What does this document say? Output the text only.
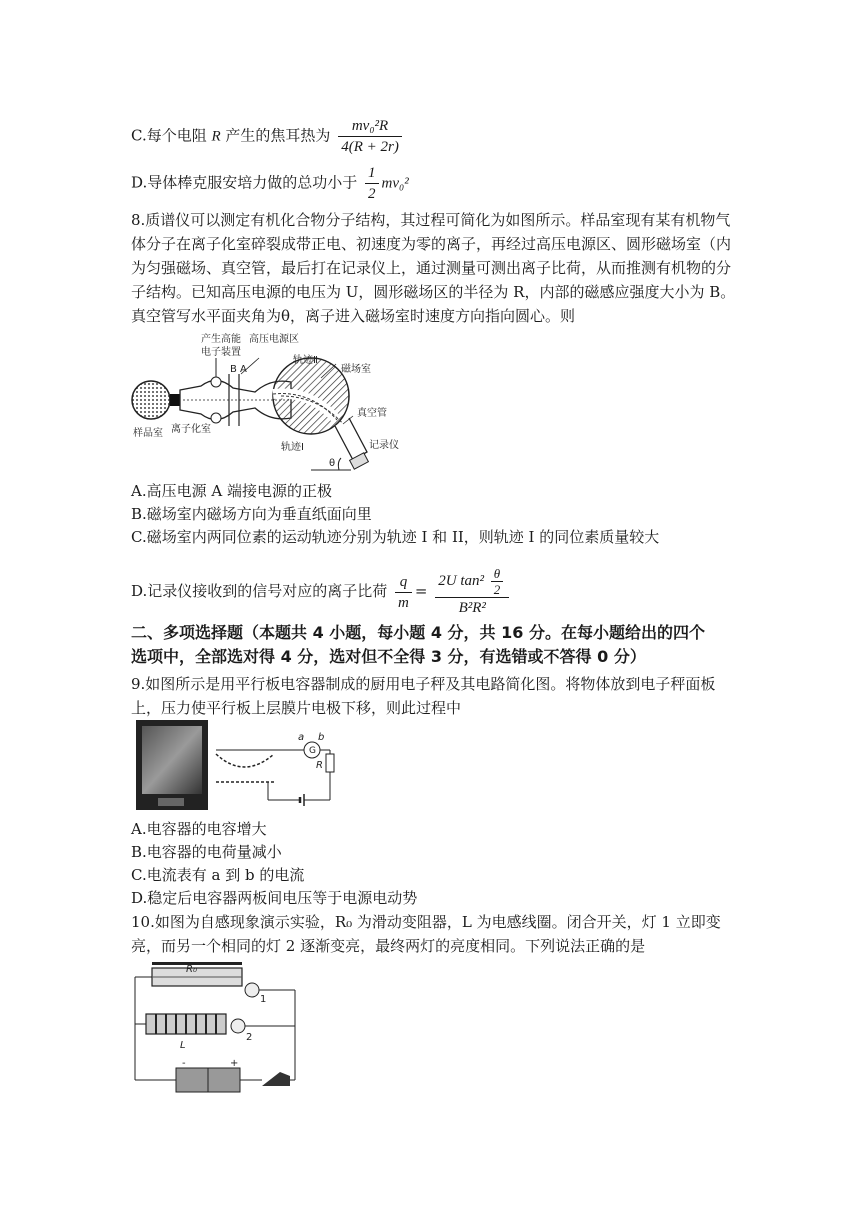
C.每个电阻 R 产生的焦耳热为 $\frac{\text{mv₀²R}}{4(R + 2r)}$
D.导体棒克服安培力做的总功小于 $\frac{1}{2} mv_0^2$
8.质谱仪可以测定有机化合物分子结构，其过程可简化为如图所示。样品室现有某有机物气体分子在离子化室碎裂成带正电、初速度为零的离子，再经过高压电源区、圆形磁场室（内为匀强磁场、真空管，最后打在记录仪上，通过测量可测出离子比荷，从而推测有机物的分子结构。已知高压电源的电压为 U，圆形磁场区的半径为 R，内部的磁感应强度大小为 B。真空管写水平面夹角为θ，离子进入磁场室时速度方向指向圆心。则
产生高能
电子装置
高压电源区
B A
轨迹Ⅱ
磁场室
真空管
样品室 离子化室
轨迹Ⅰ
θ
记录仪
A.高压电源 A 端接电源的正极
B.磁场室内磁场方向为垂直纸面向里
C.磁场室内两同位素的运动轨迹分别为轨迹 I 和 II，则轨迹 I 的同位素质量较大
D.记录仪接收到的信号对应的离子比荷 $\frac{q}{m} = \frac{2U \tan^2 \frac{\theta}{2}}{\text{B²R²}}$
二、多项选择题（本题共 4 小题，每小题 4 分，共 16 分。在每小题给出的四个
选项中，全部选对得 4 分，选对但不全得 3 分，有选错或不答得 0 分）
9.如图所示是用平行板电容器制成的厨用电子秤及其电路简化图。将物体放到电子秤面板上，压力使平行板上层膜片电极下移，则此过程中
G
a b
R
A.电容器的电容增大
B.电容器的电荷量减小
C.电流表有 a 到 b 的电流
D.稳定后电容器两板间电压等于电源电动势
10.如图为自感现象演示实验，R₀ 为滑动变阻器，L 为电感线圈。闭合开关，灯 1 立即变亮，而另一个相同的灯 2 逐渐变亮，最终两灯的亮度相同。下列说法正确的是
R₀
1
L
2
-	+
